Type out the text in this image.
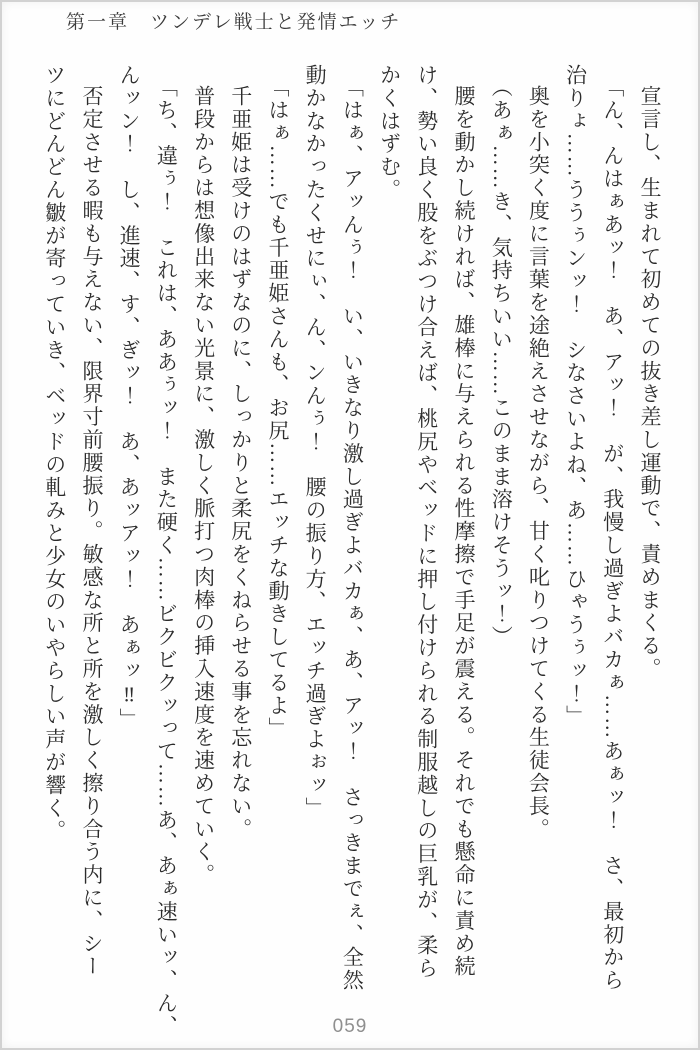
第一章　ツンデレ戦士と発情エッチ

宣言し、生まれて初めての抜き差し運動で、責めまくる。

「ん、んはぁあッ！　あ、アッ！　が、我慢し過ぎよバカぁ……あぁッ！　さ、最初から

治りょ……ううぅンッ！　シなさいよね、あ……ひゃうぅッ！」

奥を小突く度に言葉を途絶えさせながら、甘く叱りつけてくる生徒会長。

（あぁ……き、気持ちいい……このまま溶けそうッ！）

腰を動かし続ければ、雄棒に与えられる性摩擦で手足が震える。それでも懸命に責め続

け、勢い良く股をぶつけ合えば、桃尻やベッドに押し付けられる制服越しの巨乳が、柔ら

かくはずむ。

「はぁ、アッんぅ！　い、いきなり激し過ぎよバカぁ、あ、アッ！　さっきまでぇ、全然

動かなかったくせにぃ、ん、ンんぅ！　腰の振り方、エッチ過ぎよぉッ」

「はぁ……でも千亜姫さんも、お尻……エッチな動きしてるよ」

千亜姫は受けのはずなのに、しっかりと柔尻をくねらせる事を忘れない。

普段からは想像出来ない光景に、激しく脈打つ肉棒の挿入速度を速めていく。

「ち、違ぅ！　これは、ああぅッ！　また硬く……ビクビクッって……あ、あぁ速いッ、ん、

んッン！　し、進速、す、ぎッ！　あ、あッアッ！　あぁッ‼」

否定させる暇も与えない、限界寸前腰振り。敏感な所と所を激しく擦り合う内に、シー

ツにどんどん皺が寄っていき、ベッドの軋みと少女のいやらしい声が響く。

059
